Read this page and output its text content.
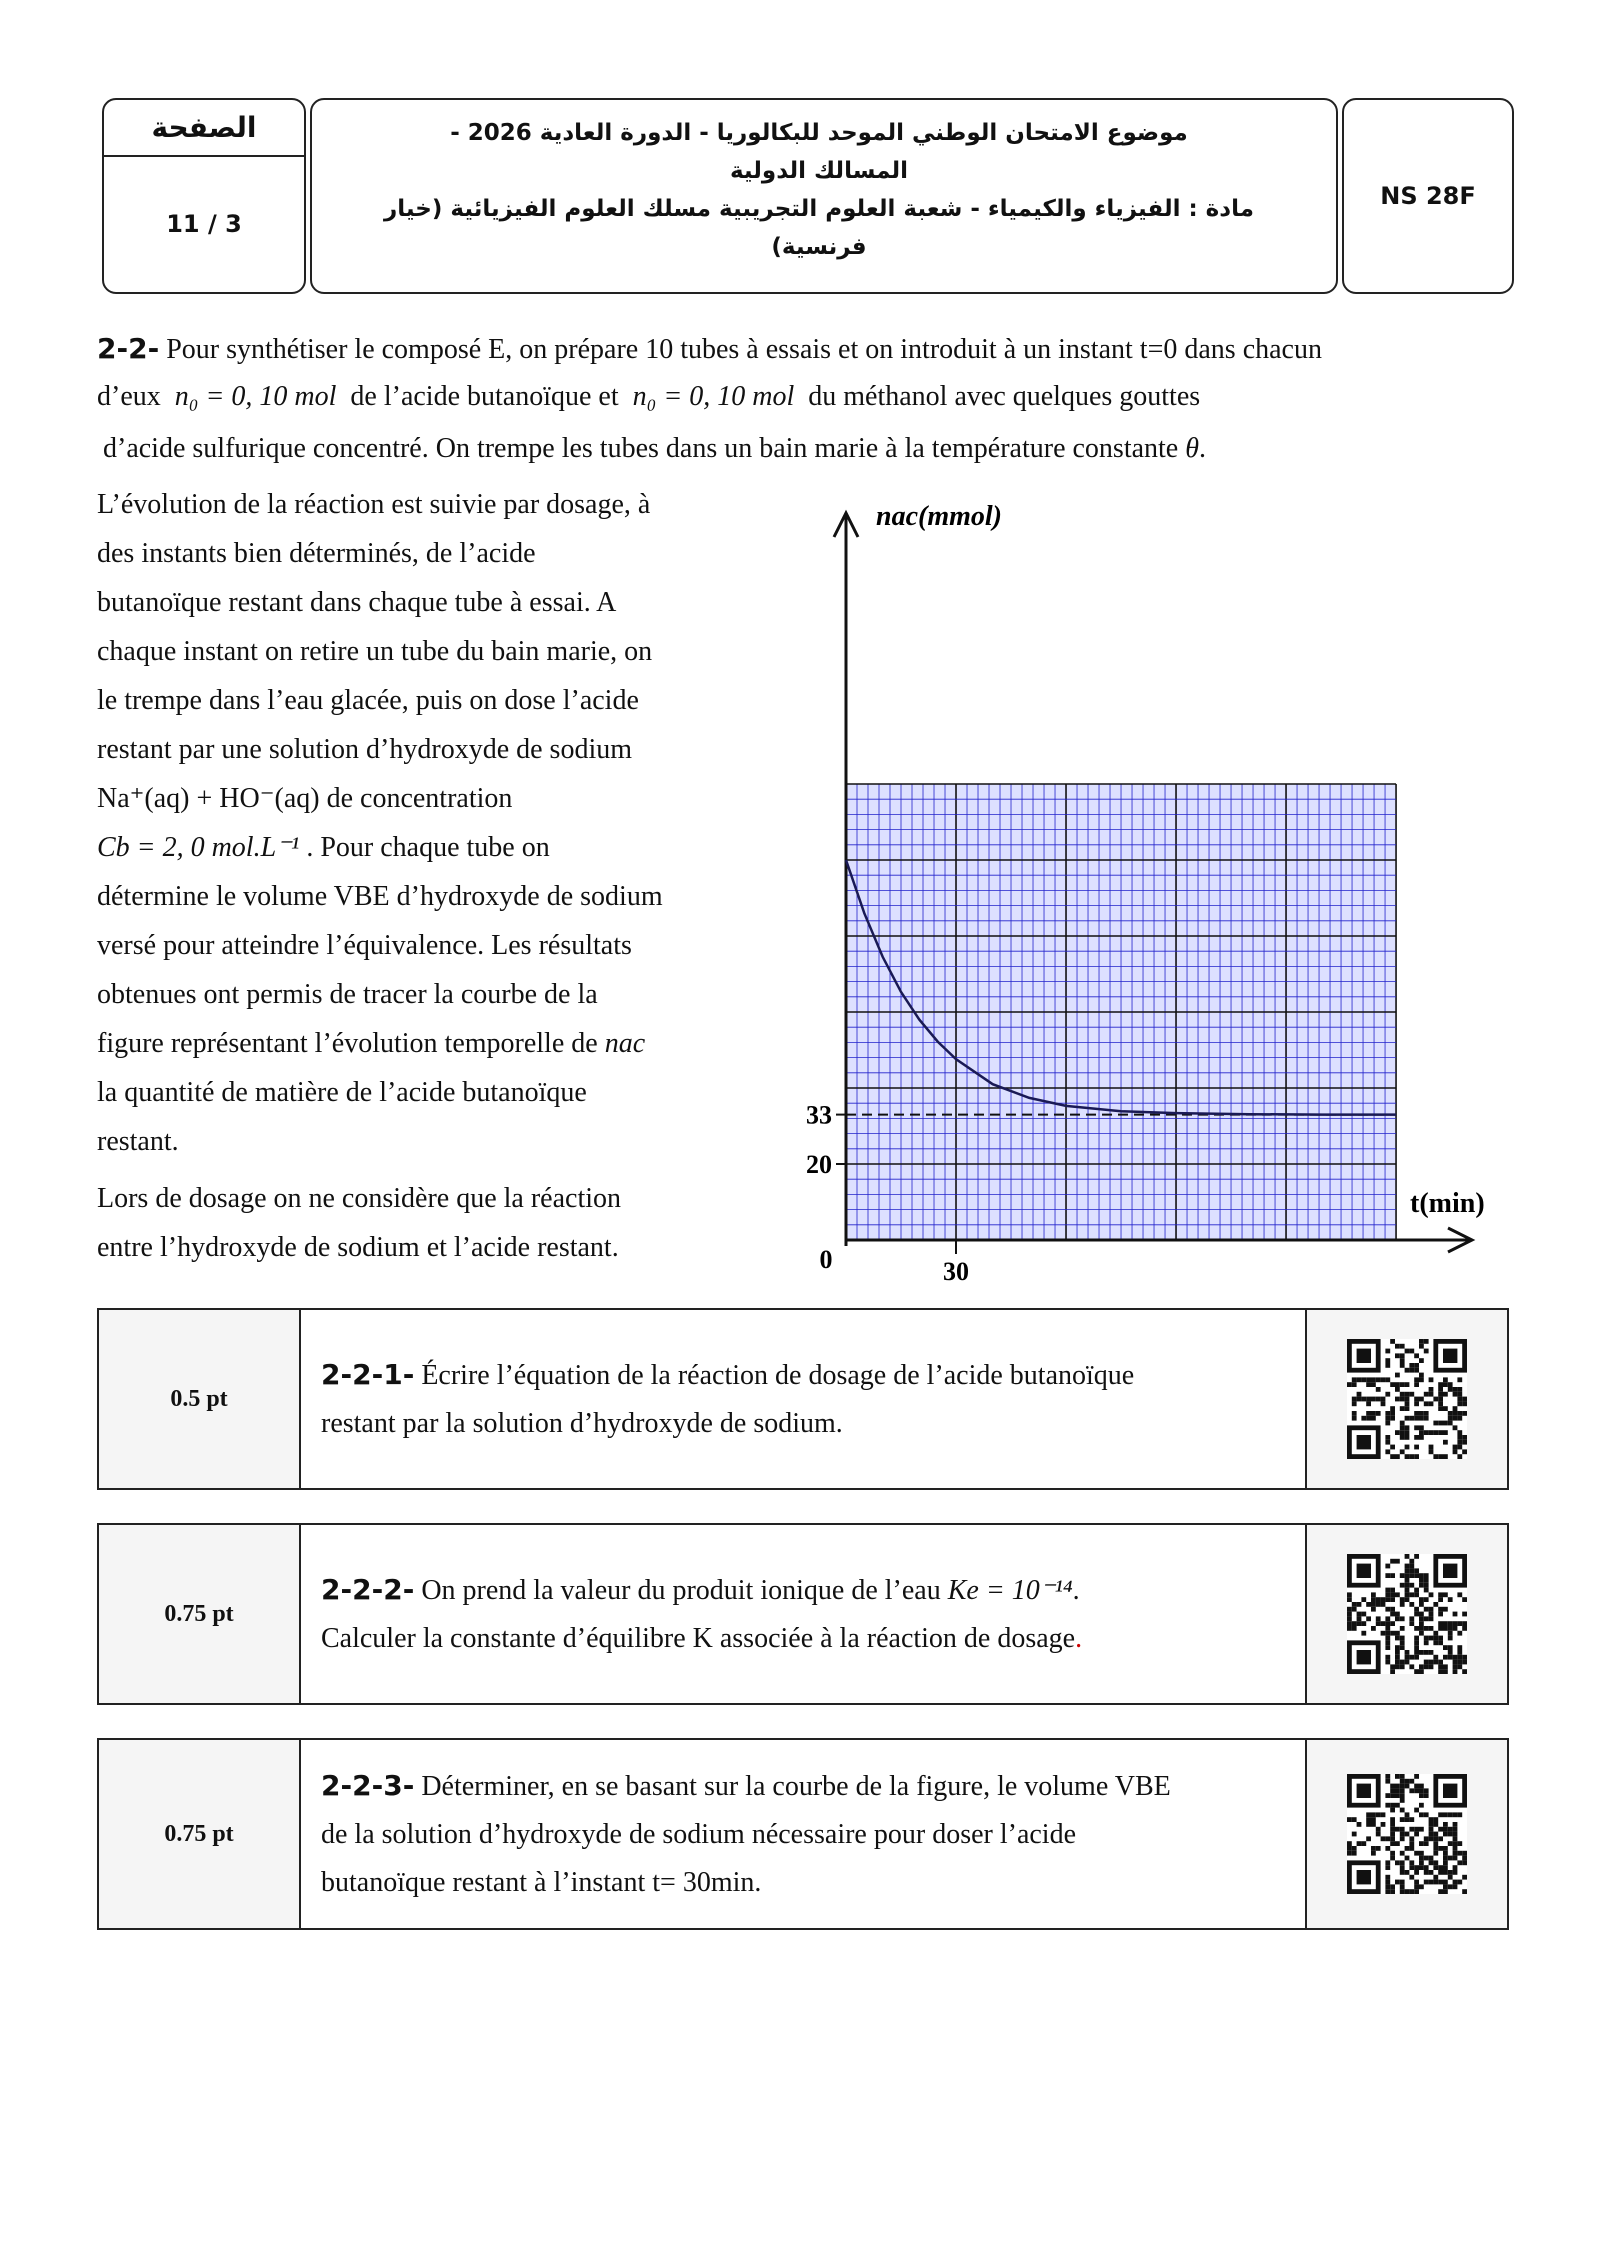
الصفحة
11 / 3
موضوع الامتحان الوطني الموحد للبكالوريا - الدورة العادية 2026 -
المسالك الدولية
مادة : الفيزياء والكيمياء - شعبة العلوم التجريبية مسلك العلوم الفيزيائية (خيار
فرنسية)
NS 28F
2-2- Pour synthétiser le composé E, on prépare 10 tubes à essais et on introduit à un instant t=0 dans chacun
d’eux n₀ = 0, 10 mol de l’acide butanoïque et n₀ = 0, 10 mol du méthanol avec quelques gouttes
d’acide sulfurique concentré. On trempe les tubes dans un bain marie à la température constante θ.

L’évolution de la réaction est suivie par dosage, à

des instants bien déterminés, de l’acide

butanoïque restant dans chaque tube à essai. A

chaque instant on retire un tube du bain marie, on

le trempe dans l’eau glacée, puis on dose l’acide

restant par une solution d’hydroxyde de sodium

Na⁺(aq) + HO⁻(aq) de concentration

Cb = 2, 0 mol.L⁻¹ . Pour chaque tube on

détermine le volume VBE d’hydroxyde de sodium

versé pour atteindre l’équivalence. Les résultats

obtenues ont permis de tracer la courbe de la

figure représentant l’évolution temporelle de nac

la quantité de matière de l’acide butanoïque

restant.

Lors de dosage on ne considère que la réaction

entre l’hydroxyde de sodium et l’acide restant.	0	30
20
33
nac(mmol)
t(min)
0.5 pt
2-2-1- Écrire l’équation de la réaction de dosage de l’acide butanoïque
restant par la solution d’hydroxyde de sodium.
0.75 pt
2-2-2- On prend la valeur du produit ionique de l’eau Ke = 10⁻¹⁴.
Calculer la constante d’équilibre K associée à la réaction de dosage.
0.75 pt
2-2-3- Déterminer, en se basant sur la courbe de la figure, le volume VBE
de la solution d’hydroxyde de sodium nécessaire pour doser l’acide
butanoïque restant à l’instant t= 30min.
